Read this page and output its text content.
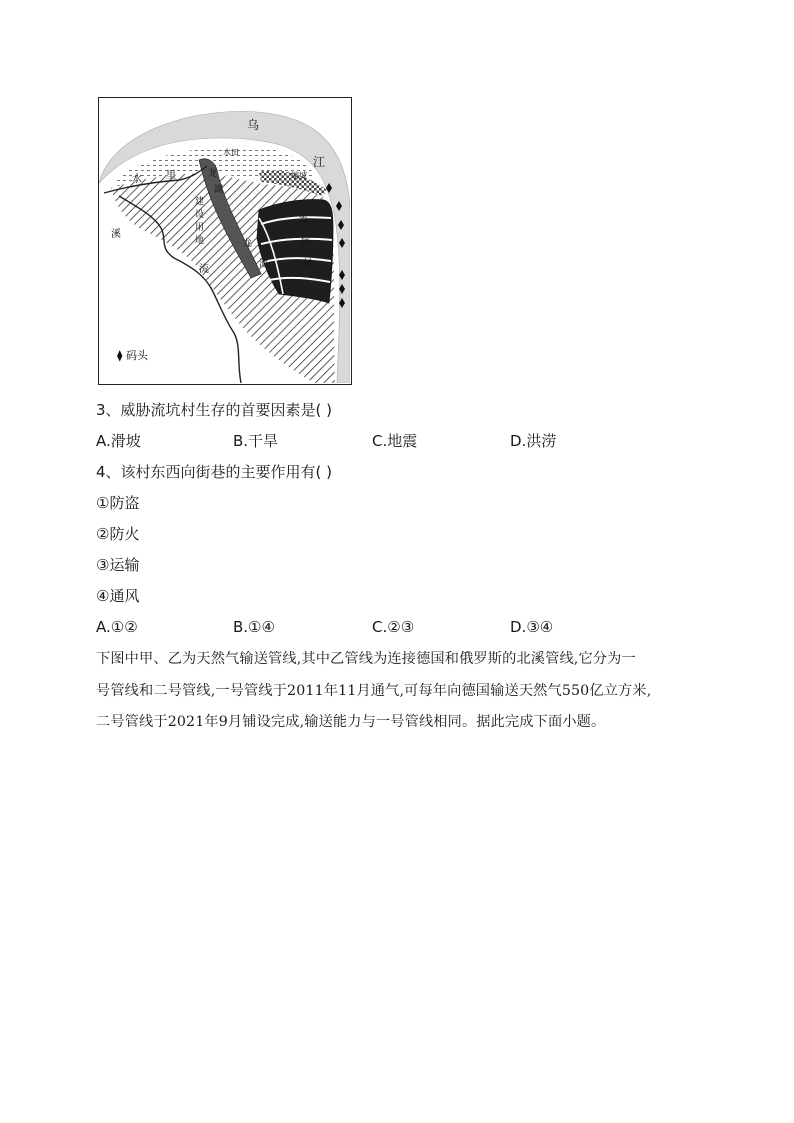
乌
江
水 里
水田
龙
湖
缩坡
建
设
用
地
流
坑
村
龙
池
溪
流
⧫ 码头
3、威胁流坑村生存的首要因素是( )
A.滑坡	B.干旱	C.地震	D.洪涝
4、该村东西向街巷的主要作用有( )
①防盗
②防火
③运输
④通风
A.①②	B.①④	C.②③	D.③④
下图中甲、乙为天然气输送管线,其中乙管线为连接德国和俄罗斯的北溪管线,它分为一
号管线和二号管线,一号管线于2011年11月通气,可每年向德国输送天然气550亿立方米,
二号管线于2021年9月铺设完成,输送能力与一号管线相同。据此完成下面小题。
